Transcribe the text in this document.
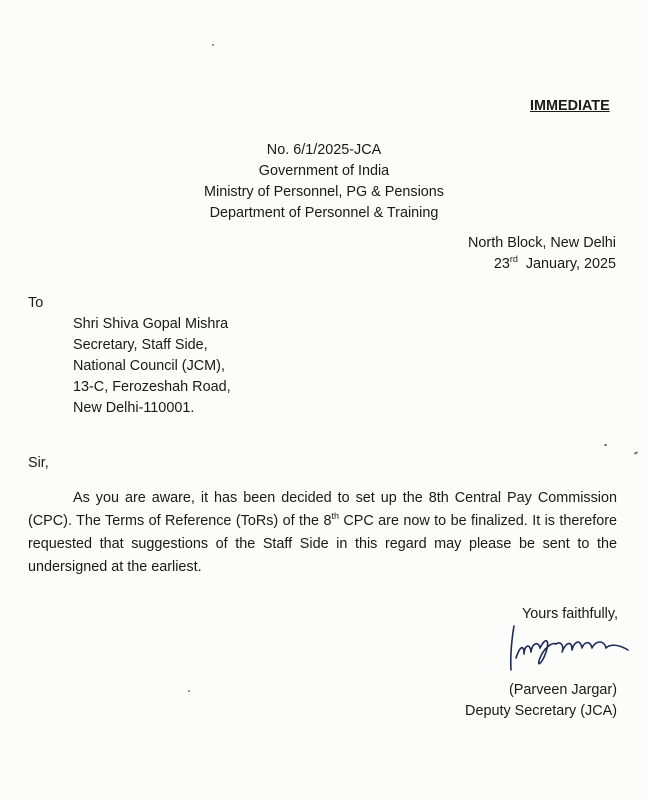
IMMEDIATE
No. 6/1/2025-JCA
Government of India
Ministry of Personnel, PG & Pensions
Department of Personnel & Training
North Block, New Delhi
23rd January, 2025
To
Shri Shiva Gopal Mishra
Secretary, Staff Side,
National Council (JCM),
13-C, Ferozeshah Road,
New Delhi-110001.
Sir,
As you are aware, it has been decided to set up the 8th Central Pay Commission (CPC). The Terms of Reference (ToRs) of the 8th CPC are now to be finalized. It is therefore requested that suggestions of the Staff Side in this regard may please be sent to the undersigned at the earliest.
Yours faithfully,
(Parveen Jargar)
Deputy Secretary (JCA)
